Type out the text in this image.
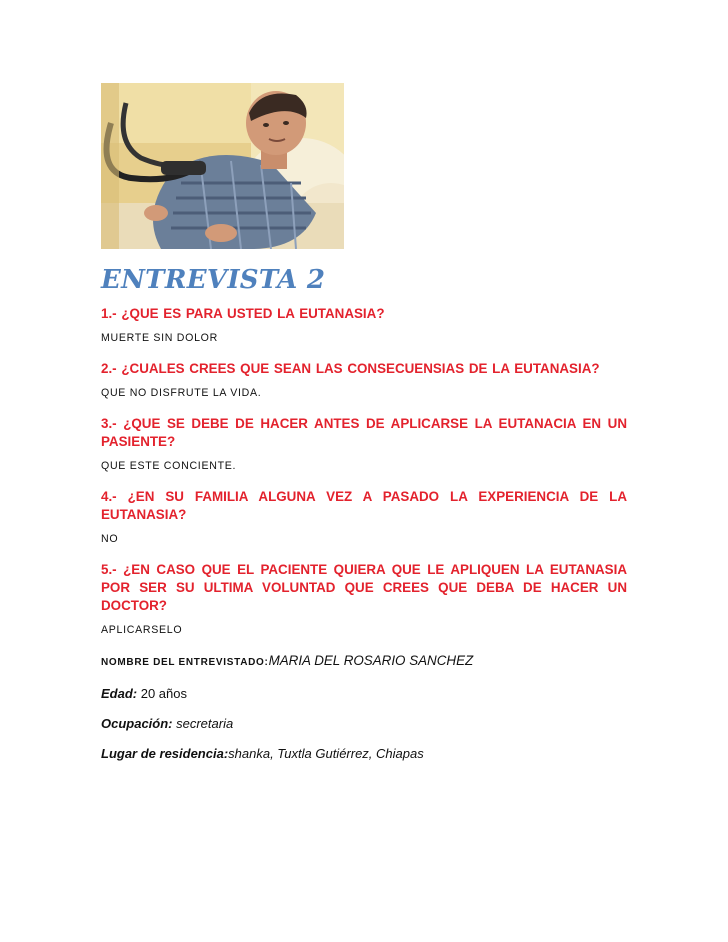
ENTREVISTA 2

1.- ¿QUE ES PARA USTED LA EUTANASIA?

MUERTE SIN DOLOR

2.- ¿CUALES CREES QUE SEAN LAS CONSECUENSIAS DE LA EUTANASIA?

QUE NO DISFRUTE LA VIDA.

3.- ¿QUE SE DEBE DE HACER ANTES DE APLICARSE LA EUTANACIA EN UN PASIENTE?

QUE ESTE CONCIENTE.

4.- ¿EN SU FAMILIA ALGUNA VEZ A PASADO LA EXPERIENCIA DE LA EUTANASIA?

NO

5.- ¿EN CASO QUE EL PACIENTE QUIERA QUE LE APLIQUEN LA EUTANASIA POR SER SU ULTIMA VOLUNTAD QUE CREES QUE DEBA DE HACER UN DOCTOR?

APLICARSELO

NOMBRE DEL ENTREVISTADO:MARIA DEL ROSARIO SANCHEZ
Edad: 20 años
Ocupación: secretaria
Lugar de residencia:shanka, Tuxtla Gutiérrez, Chiapas
